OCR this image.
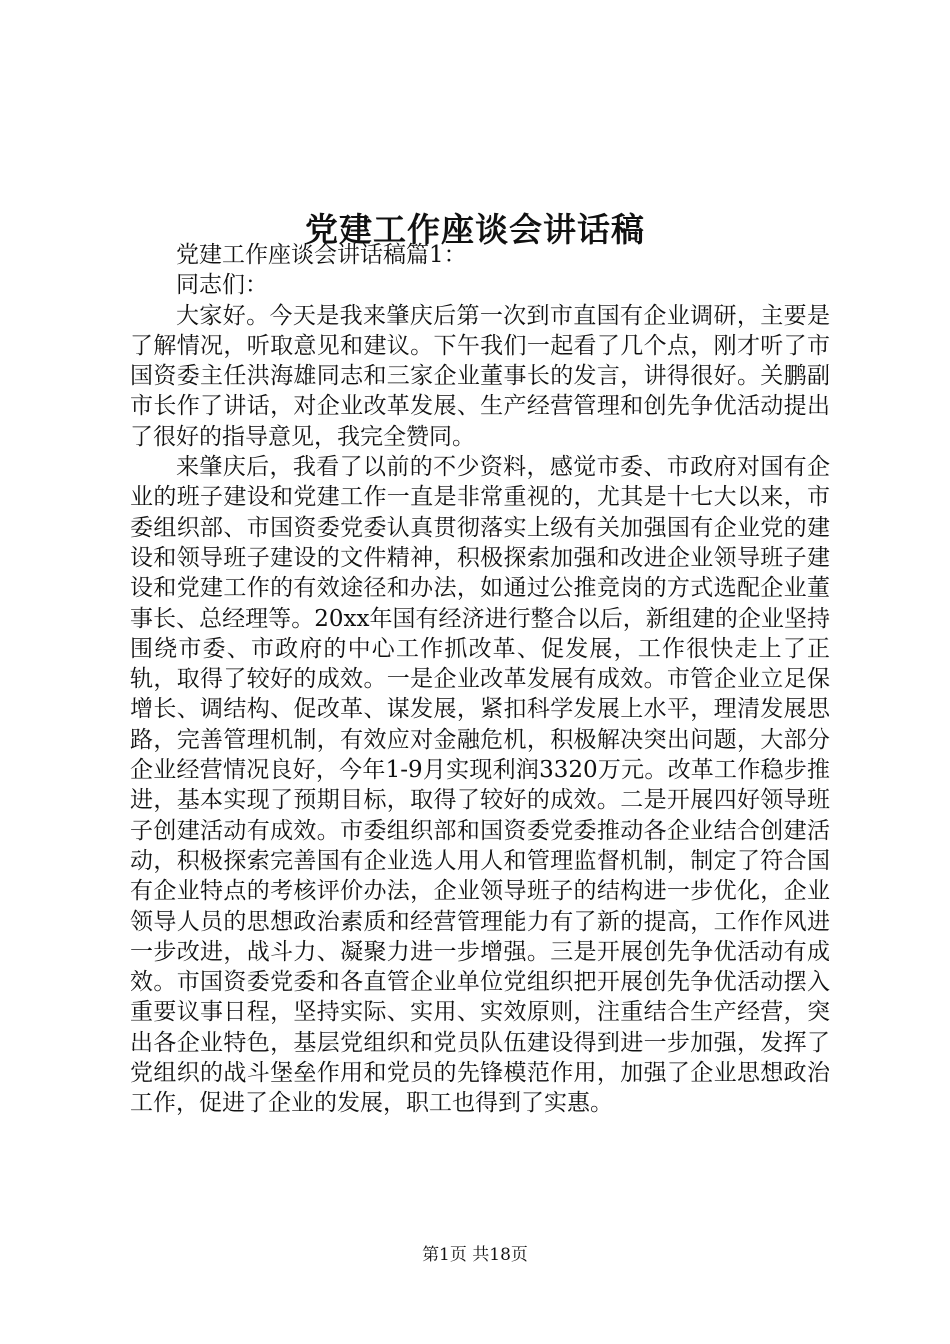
党建工作座谈会讲话稿

党建工作座谈会讲话稿篇1：

同志们：

大家好。今天是我来肇庆后第一次到市直国有企业调研，主要是了解情况，听取意见和建议。下午我们一起看了几个点，刚才听了市国资委主任洪海雄同志和三家企业董事长的发言，讲得很好。关鹏副市长作了讲话，对企业改革发展、生产经营管理和创先争优活动提出了很好的指导意见，我完全赞同。

来肇庆后，我看了以前的不少资料，感觉市委、市政府对国有企业的班子建设和党建工作一直是非常重视的，尤其是十七大以来，市委组织部、市国资委党委认真贯彻落实上级有关加强国有企业党的建设和领导班子建设的文件精神，积极探索加强和改进企业领导班子建设和党建工作的有效途径和办法，如通过公推竞岗的方式选配企业董事长、总经理等。20xx年国有经济进行整合以后，新组建的企业坚持围绕市委、市政府的中心工作抓改革、促发展，工作很快走上了正轨，取得了较好的成效。一是企业改革发展有成效。市管企业立足保增长、调结构、促改革、谋发展，紧扣科学发展上水平，理清发展思路，完善管理机制，有效应对金融危机，积极解决突出问题，大部分企业经营情况良好，今年1-9月实现利润3320万元。改革工作稳步推进，基本实现了预期目标，取得了较好的成效。二是开展四好领导班子创建活动有成效。市委组织部和国资委党委推动各企业结合创建活动，积极探索完善国有企业选人用人和管理监督机制，制定了符合国有企业特点的考核评价办法，企业领导班子的结构进一步优化，企业领导人员的思想政治素质和经营管理能力有了新的提高，工作作风进一步改进，战斗力、凝聚力进一步增强。三是开展创先争优活动有成效。市国资委党委和各直管企业单位党组织把开展创先争优活动摆入重要议事日程，坚持实际、实用、实效原则，注重结合生产经营，突出各企业特色，基层党组织和党员队伍建设得到进一步加强，发挥了党组织的战斗堡垒作用和党员的先锋模范作用，加强了企业思想政治工作，促进了企业的发展，职工也得到了实惠。

第1页 共18页
